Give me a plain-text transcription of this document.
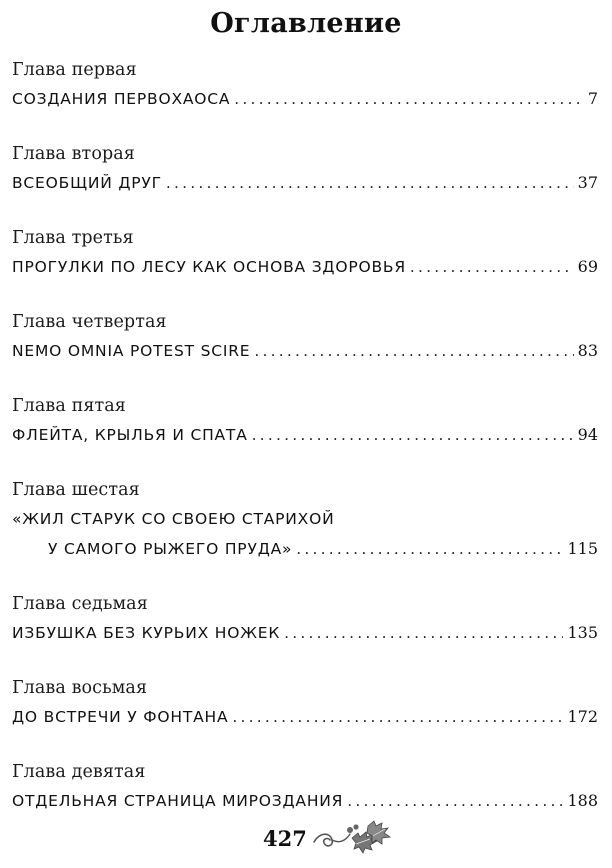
Оглавление
Глава первая
СОЗДАНИЯ ПЕРВОХАОСА .....	7
Глава вторая
ВСЕОБЩИЙ ДРУГ .....	37
Глава третья
ПРОГУЛКИ ПО ЛЕСУ КАК ОСНОВА ЗДОРОВЬЯ .....	69
Глава четвертая
NEMO OMNIA POTEST SCIRE .....	83
Глава пятая
ФЛЕЙТА, КРЫЛЬЯ И СПАТА .....	94
Глава шестая
«ЖИЛ СТАРУК СО СВОЕЮ СТАРИХОЙ
У САМОГО РЫЖЕГО ПРУДА» .....	115
Глава седьмая
ИЗБУШКА БЕЗ КУРЬИХ НОЖЕК .....	135
Глава восьмая
ДО ВСТРЕЧИ У ФОНТАНА .....	172
Глава девятая
ОТДЕЛЬНАЯ СТРАНИЦА МИРОЗДАНИЯ .....	188
427
